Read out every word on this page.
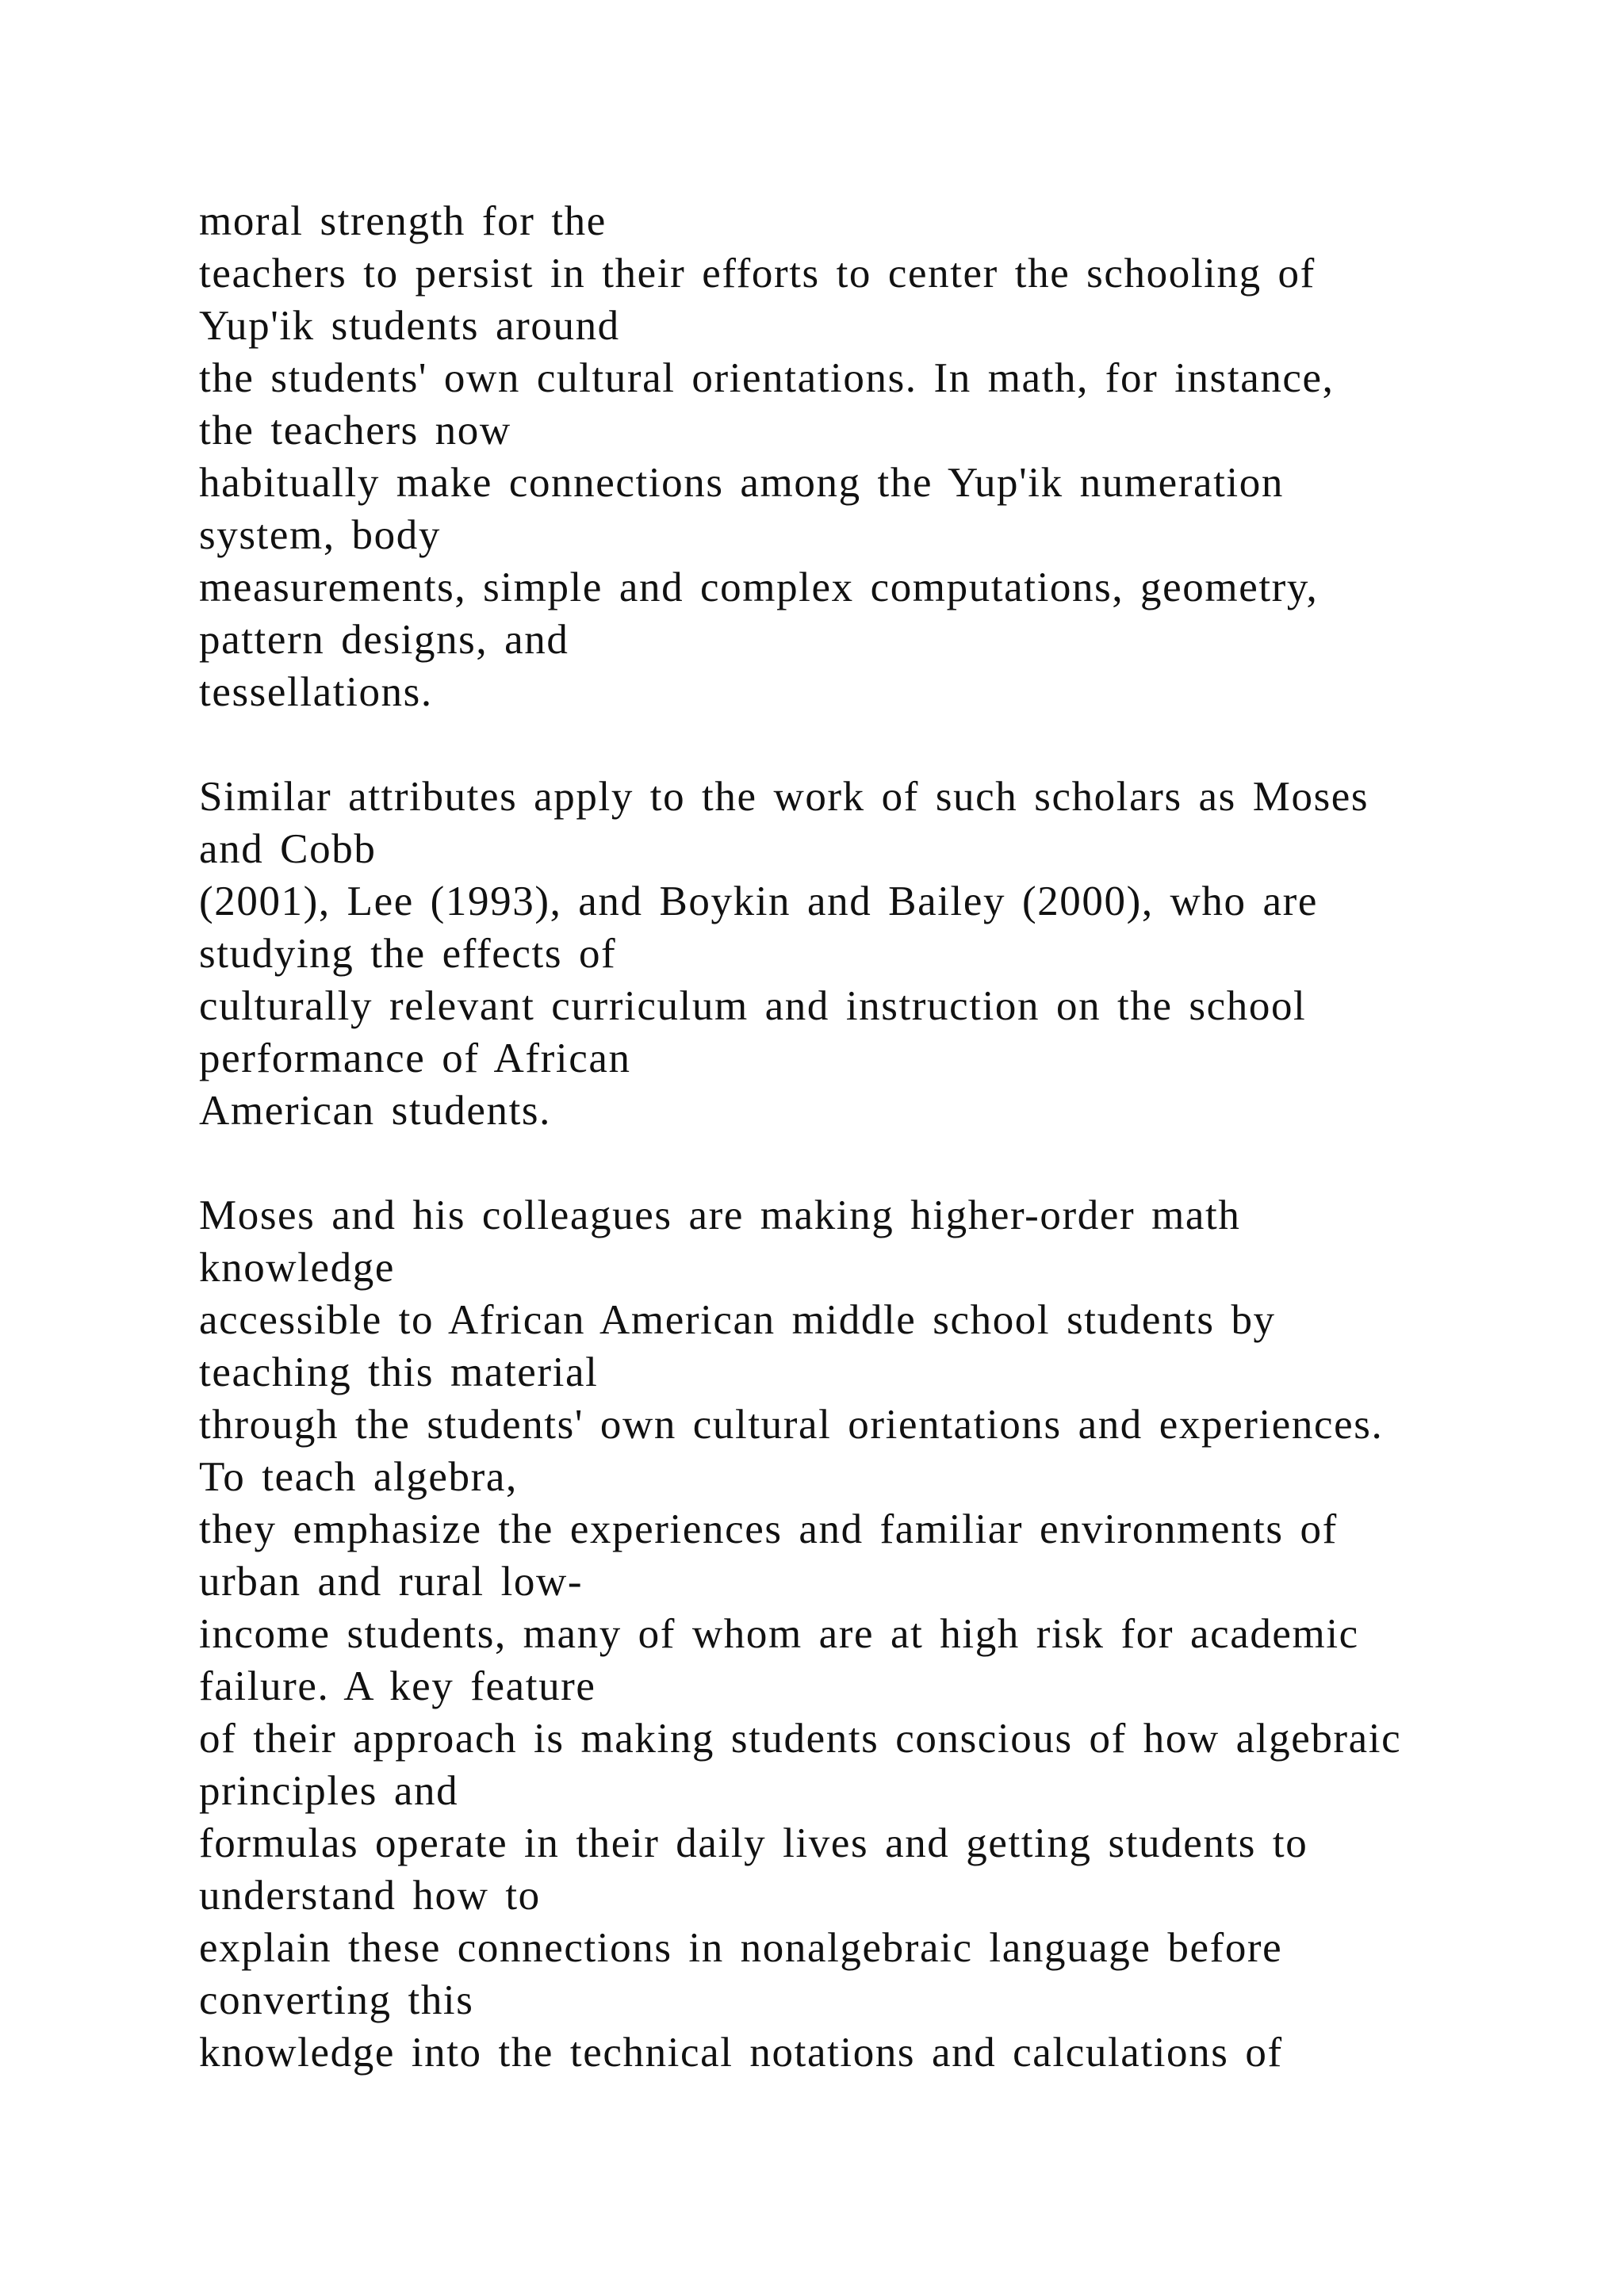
moral strength for the
teachers to persist in their efforts to center the schooling of
Yup'ik students around
the students' own cultural orientations. In math, for instance,
the teachers now
habitually make connections among the Yup'ik numeration
system, body
measurements, simple and complex computations, geometry,
pattern designs, and
tessellations.
Similar attributes apply to the work of such scholars as Moses
and Cobb
(2001), Lee (1993), and Boykin and Bailey (2000), who are
studying the effects of
culturally relevant curriculum and instruction on the school
performance of African
American students.
Moses and his colleagues are making higher-order math
knowledge
accessible to African American middle school students by
teaching this material
through the students' own cultural orientations and experiences.
To teach algebra,
they emphasize the experiences and familiar environments of
urban and rural low-
income students, many of whom are at high risk for academic
failure. A key feature
of their approach is making students conscious of how algebraic
principles and
formulas operate in their daily lives and getting students to
understand how to
explain these connections in nonalgebraic language before
converting this
knowledge into the technical notations and calculations of
